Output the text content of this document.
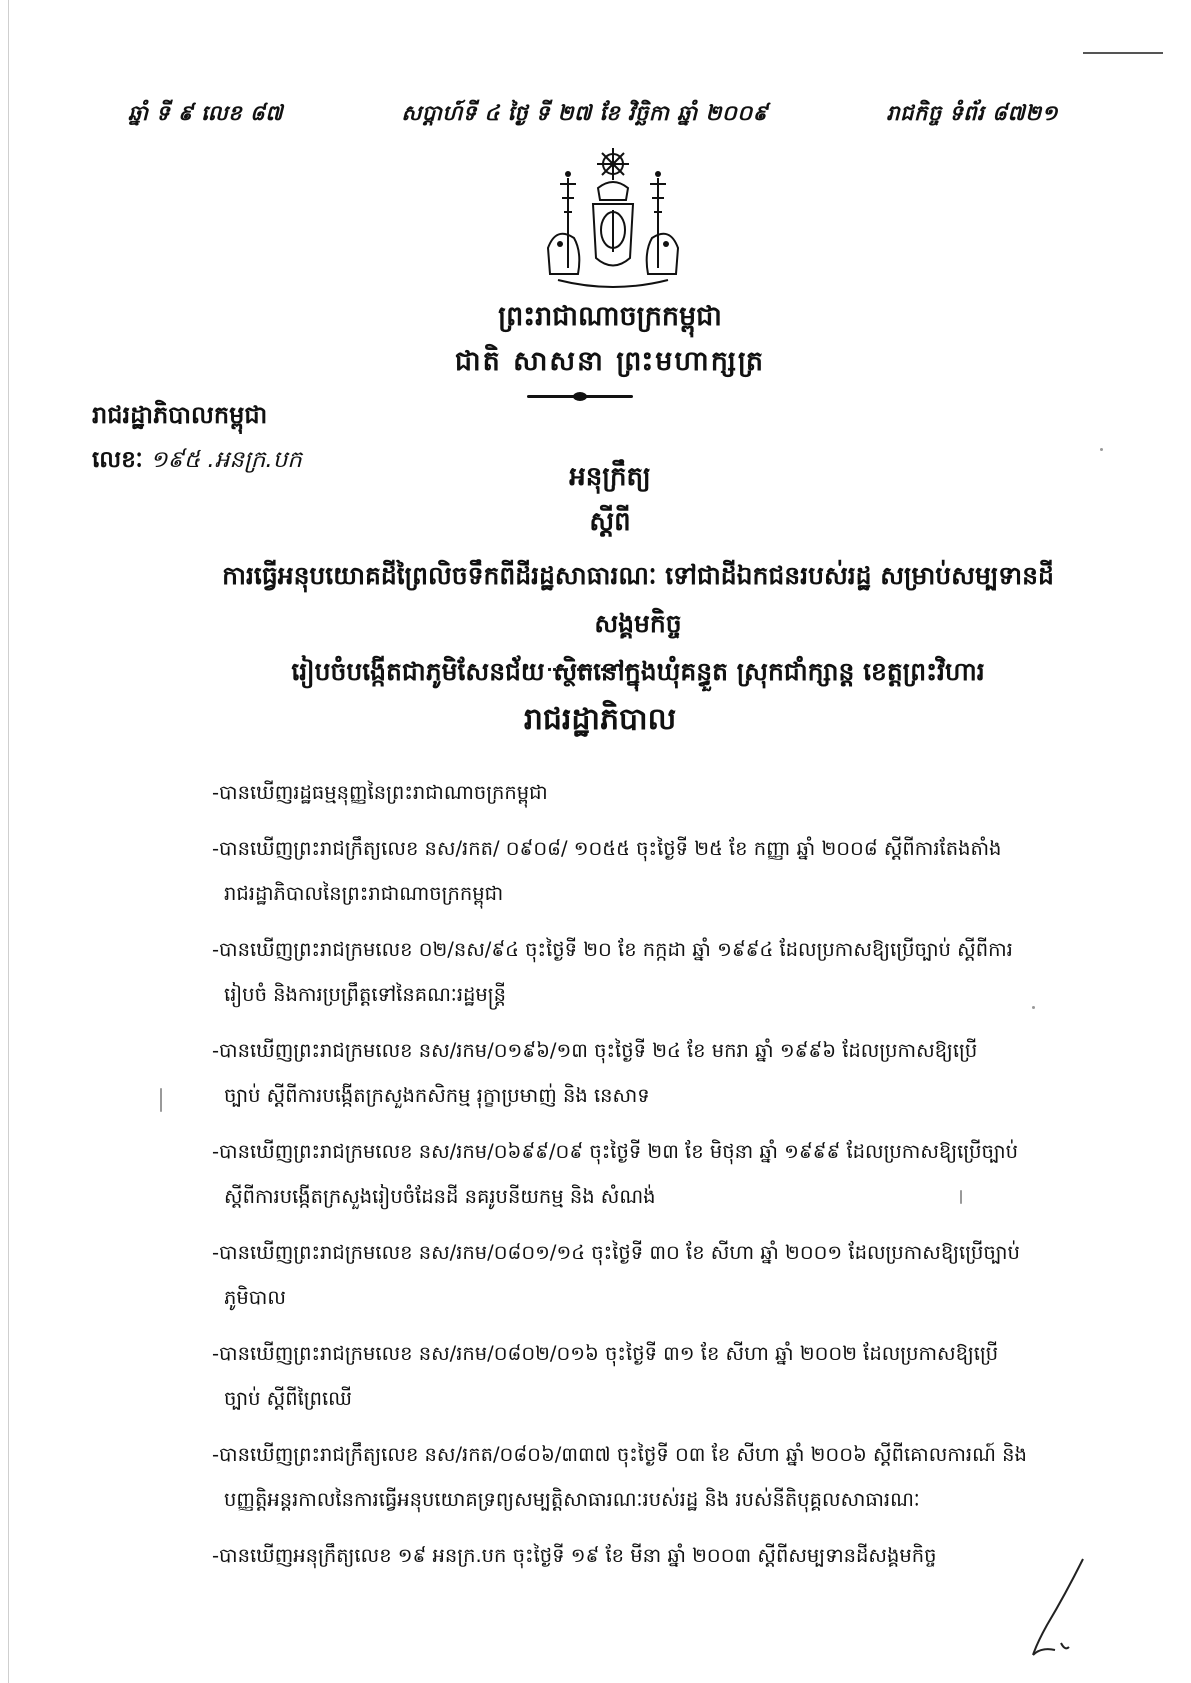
ឆ្នាំ ទី ៩ លេខ ៨៧	សប្តាហ៍ទី ៤ ថ្ងៃ ទី ២៧ ខែ វិច្ឆិកា ឆ្នាំ ២០០៩	រាជកិច្ច ទំព័រ ៨៧២១
ព្រះរាជាណាចក្រកម្ពុជា
ជាតិ សាសនា ព្រះមហាក្សត្រ
រាជរដ្ឋាភិបាលកម្ពុជា
លេខៈ ១៩៥ .អនក្រ.បក
អនុក្រឹត្យ
ស្តីពី
ការធ្វើអនុបយោគដីព្រៃលិចទឹកពីដីរដ្ឋសាធារណៈ ទៅជាដីឯកជនរបស់រដ្ឋ សម្រាប់សម្បទានដីសង្គមកិច្ច
រៀបចំបង្កើតជាភូមិសែនជ័យ ស្ថិតនៅក្នុងឃុំគន្ធួត ស្រុកជាំក្សាន្ត ខេត្តព្រះវិហារ
រាជរដ្ឋាភិបាល
-បានឃើញរដ្ឋធម្មនុញ្ញនៃព្រះរាជាណាចក្រកម្ពុជា
-បានឃើញព្រះរាជក្រឹត្យលេខ នស/រកត/ ០៩០៨/ ១០៥៥ ចុះថ្ងៃទី ២៥ ខែ កញ្ញា ឆ្នាំ ២០០៨ ស្តីពីការតែងតាំង
រាជរដ្ឋាភិបាលនៃព្រះរាជាណាចក្រកម្ពុជា
-បានឃើញព្រះរាជក្រមលេខ ០២/នស/៩៤ ចុះថ្ងៃទី ២០ ខែ កក្កដា ឆ្នាំ ១៩៩៤ ដែលប្រកាសឱ្យប្រើច្បាប់ ស្តីពីការ
រៀបចំ និងការប្រព្រឹត្តទៅនៃគណៈរដ្ឋមន្ត្រី
-បានឃើញព្រះរាជក្រមលេខ នស/រកម/០១៩៦/១៣ ចុះថ្ងៃទី ២៤ ខែ មករា ឆ្នាំ ១៩៩៦ ដែលប្រកាសឱ្យប្រើ
ច្បាប់ ស្តីពីការបង្កើតក្រសួងកសិកម្ម រុក្ខាប្រមាញ់ និង នេសាទ
-បានឃើញព្រះរាជក្រមលេខ នស/រកម/០៦៩៩/០៩ ចុះថ្ងៃទី ២៣ ខែ មិថុនា ឆ្នាំ ១៩៩៩ ដែលប្រកាសឱ្យប្រើច្បាប់
ស្តីពីការបង្កើតក្រសួងរៀបចំដែនដី នគរូបនីយកម្ម និង សំណង់
-បានឃើញព្រះរាជក្រមលេខ នស/រកម/០៨០១/១៤ ចុះថ្ងៃទី ៣០ ខែ សីហា ឆ្នាំ ២០០១ ដែលប្រកាសឱ្យប្រើច្បាប់
ភូមិបាល
-បានឃើញព្រះរាជក្រមលេខ នស/រកម/០៨០២/០១៦ ចុះថ្ងៃទី ៣១ ខែ សីហា ឆ្នាំ ២០០២ ដែលប្រកាសឱ្យប្រើ
ច្បាប់ ស្តីពីព្រៃឈើ
-បានឃើញព្រះរាជក្រឹត្យលេខ នស/រកត/០៨០៦/៣៣៧ ចុះថ្ងៃទី ០៣ ខែ សីហា ឆ្នាំ ២០០៦ ស្តីពីគោលការណ៍ និង
បញ្ញត្តិអន្តរកាលនៃការធ្វើអនុបយោគទ្រព្យសម្បត្តិសាធារណៈរបស់រដ្ឋ និង របស់នីតិបុគ្គលសាធារណៈ
-បានឃើញអនុក្រឹត្យលេខ ១៩ អនក្រ.បក ចុះថ្ងៃទី ១៩ ខែ មីនា ឆ្នាំ ២០០៣ ស្តីពីសម្បទានដីសង្គមកិច្ច
